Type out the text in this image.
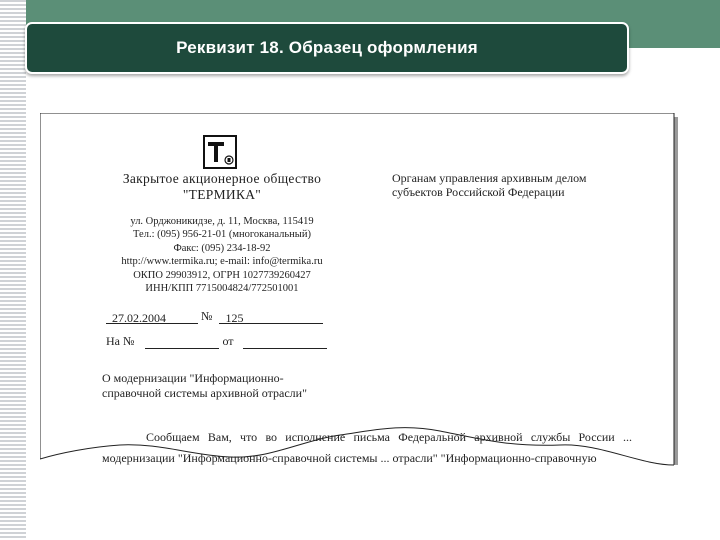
Реквизит 18. Образец оформления
Закрытое акционерное общество
"ТЕРМИКА"
ул. Орджоникидзе, д. 11, Москва, 115419
Тел.: (095) 956-21-01 (многоканальный)
Факс: (095) 234-18-92
http://www.termika.ru; e-mail: info@termika.ru
ОКПО 29903912, ОГРН 1027739260427
ИНН/КПП 7715004824/772501001
Органам управления архивным делом
субъектов Российской Федерации
27.02.2004	№ 125
На №	от
О модернизации "Информационно-
справочной системы архивной отрасли"
Сообщаем Вам, что во исполнение письма Федеральной архивной службы России ... модернизации "Информационно-справочной системы ... отрасли" "Информационно-справочную
